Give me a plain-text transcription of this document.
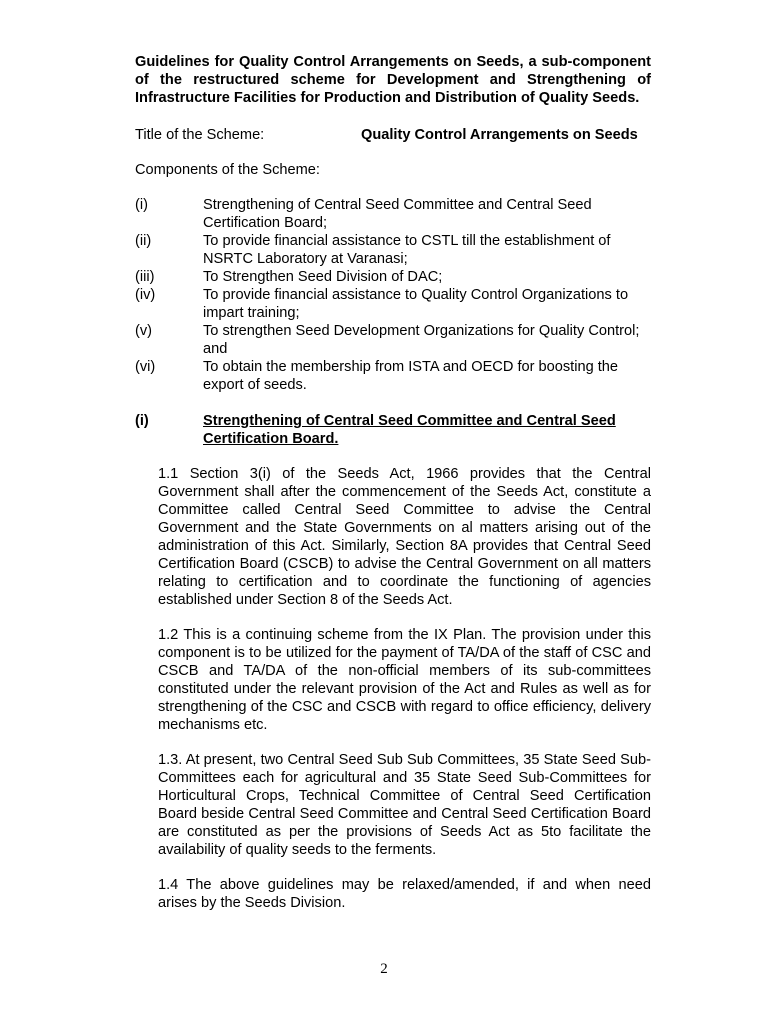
Guidelines for Quality Control Arrangements on Seeds, a sub-component of the restructured scheme for Development and Strengthening of Infrastructure Facilities for Production and Distribution of Quality Seeds.

Title of the Scheme:	Quality Control Arrangements on Seeds
Components of the Scheme:
(i)	Strengthening of Central Seed Committee and Central Seed Certification Board;
(ii)	To provide financial assistance to CSTL till the establishment of NSRTC Laboratory at Varanasi;
(iii)	To Strengthen Seed Division of DAC;
(iv)	To provide financial assistance to Quality Control Organizations to impart training;
(v)	To strengthen Seed Development Organizations for Quality Control; and
(vi)	To obtain the membership from ISTA and OECD for boosting the export of seeds.
(i)	Strengthening of Central Seed Committee and Central Seed Certification Board.

1.1 Section 3(i) of the Seeds Act, 1966 provides that the Central Government shall after the commencement of the Seeds Act, constitute a Committee called Central Seed Committee to advise the Central Government and the State Governments on al matters arising out of the administration of this Act. Similarly, Section 8A provides that Central Seed Certification Board (CSCB) to advise the Central Government on all matters relating to certification and to coordinate the functioning of agencies established under Section 8 of the Seeds Act.

1.2 This is a continuing scheme from the IX Plan. The provision under this component is to be utilized for the payment of TA/DA of the staff of CSC and CSCB and TA/DA of the non-official members of its sub-committees constituted under the relevant provision of the Act and Rules as well as for strengthening of the CSC and CSCB with regard to office efficiency, delivery mechanisms etc.

1.3. At present, two Central Seed Sub Sub Committees, 35 State Seed Sub-Committees each for agricultural and 35 State Seed Sub-Committees for Horticultural Crops, Technical Committee of Central Seed Certification Board beside Central Seed Committee and Central Seed Certification Board are constituted as per the provisions of Seeds Act as 5to facilitate the availability of quality seeds to the ferments.

1.4 The above guidelines may be relaxed/amended, if and when need arises by the Seeds Division.

2
